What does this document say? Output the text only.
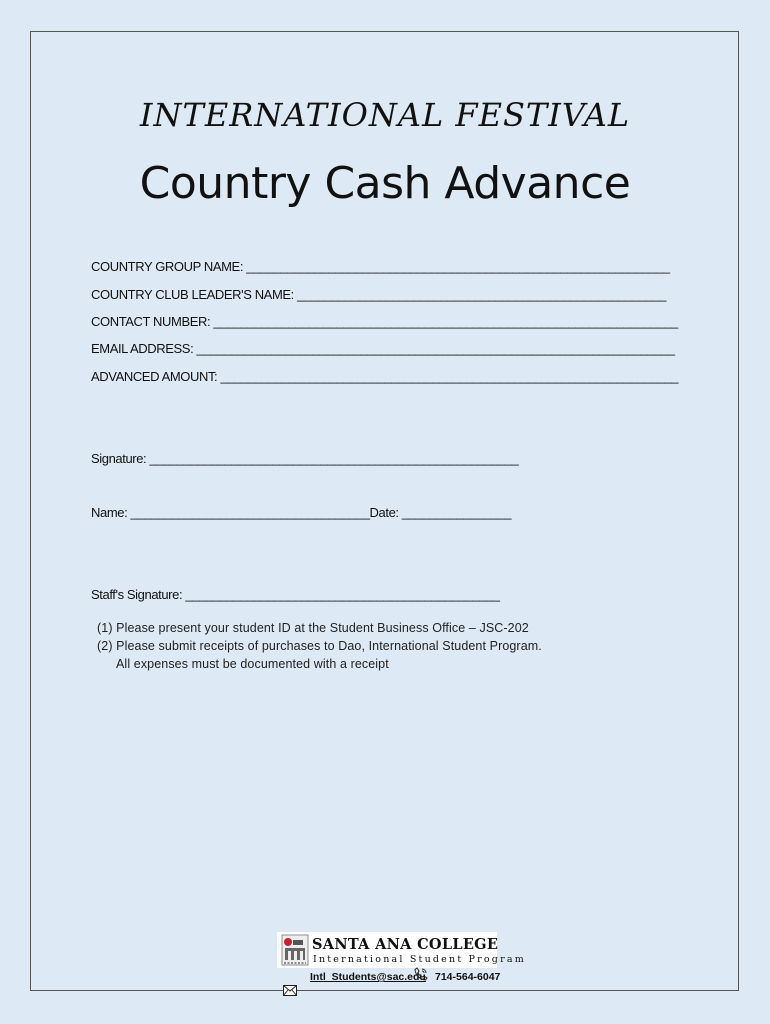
INTERNATIONAL FESTIVAL
Country Cash Advance
COUNTRY GROUP NAME: ______________________________________________________________
COUNTRY CLUB LEADER'S NAME: ______________________________________________________
CONTACT NUMBER: ____________________________________________________________________
EMAIL ADDRESS: ______________________________________________________________________
ADVANCED AMOUNT: ___________________________________________________________________
Signature: ______________________________________________________
Name: ___________________________________Date: ________________
Staff's Signature: ______________________________________________
(1) Please present your student ID at the Student Business Office – JSC-202
(2) Please submit receipts of purchases to Dao, International Student Program.
All expenses must be documented with a receipt
SANTA ANA COLLEGE
International Student Program
Intl_Students@sac.edu 714-564-6047
